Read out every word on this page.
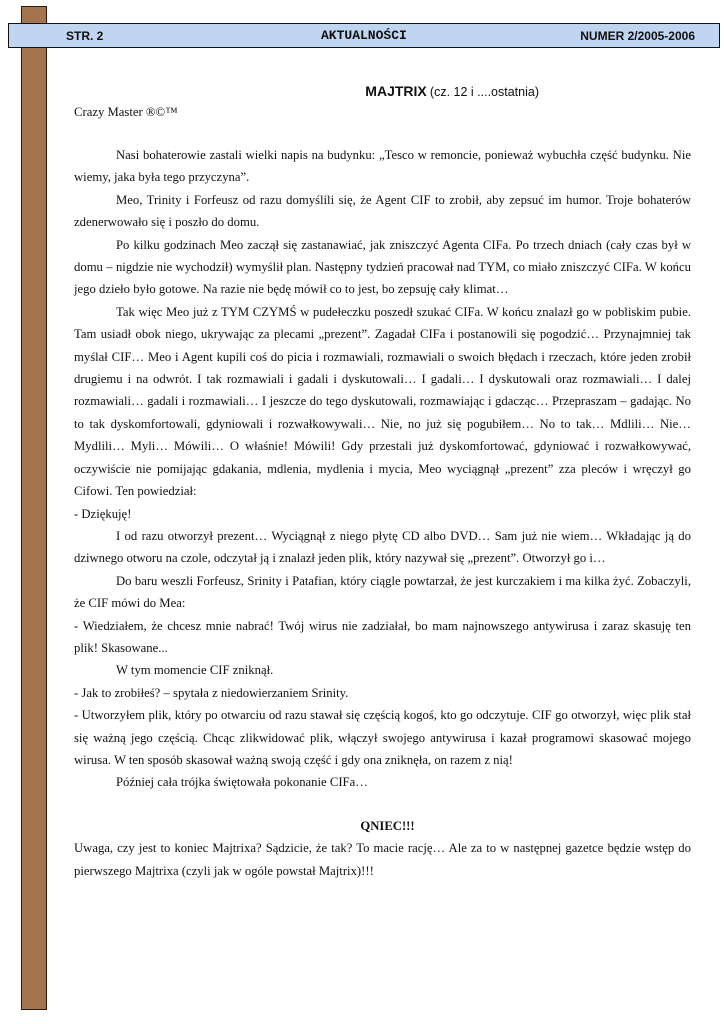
STR. 2	AKTUALNOŚCI	NUMER 2/2005-2006
MAJTRIX (cz. 12 i ....ostatnia)
Crazy Master ®©™

Nasi bohaterowie zastali wielki napis na budynku: „Tesco w remoncie, ponieważ wybuchła część budynku. Nie wiemy, jaka była tego przyczyna”.

Meo, Trinity i Forfeusz od razu domyślili się, że Agent CIF to zrobił, aby zepsuć im humor. Troje bohaterów zdenerwowało się i poszło do domu.

Po kilku godzinach Meo zaczął się zastanawiać, jak zniszczyć Agenta CIFa. Po trzech dniach (cały czas był w domu – nigdzie nie wychodził) wymyślił plan. Następny tydzień pracował nad TYM, co miało zniszczyć CIFa. W końcu jego dzieło było gotowe. Na razie nie będę mówił co to jest, bo zepsuję cały klimat…

Tak więc Meo już z TYM CZYMŚ w pudełeczku poszedł szukać CIFa. W końcu znalazł go w pobliskim pubie. Tam usiadł obok niego, ukrywając za plecami „prezent”. Zagadał CIFa i postanowili się pogodzić… Przynajmniej tak myślał CIF… Meo i Agent kupili coś do picia i rozmawiali, rozmawiali o swoich błędach i rzeczach, które jeden zrobił drugiemu i na odwrót. I tak rozmawiali i gadali i dyskutowali… I gadali… I dyskutowali oraz rozmawiali… I dalej rozmawiali… gadali i rozmawiali… I jeszcze do tego dyskutowali, rozmawiając i gdacząc… Przepraszam – gadając. No to tak dyskomfortowali, gdyniowali i rozwałkowywali… Nie, no już się pogubiłem… No to tak… Mdlili… Nie… Mydlili… Myli… Mówili… O właśnie! Mówili! Gdy przestali już dyskomfortować, gdyniować i rozwałkowywać, oczywiście nie pomijając gdakania, mdlenia, mydlenia i mycia, Meo wyciągnął „prezent” zza pleców i wręczył go Cifowi. Ten powiedział:

- Dziękuję!

I od razu otworzył prezent… Wyciągnął z niego płytę CD albo DVD… Sam już nie wiem… Wkładając ją do dziwnego otworu na czole, odczytał ją i znalazł jeden plik, który nazywał się „prezent”. Otworzył go i…

Do baru weszli Forfeusz, Srinity i Patafian, który ciągle powtarzał, że jest kurczakiem i ma kilka żyć. Zobaczyli, że CIF mówi do Mea:

- Wiedziałem, że chcesz mnie nabrać! Twój wirus nie zadziałał, bo mam najnowszego antywirusa i zaraz skasuję ten plik! Skasowane...

W tym momencie CIF zniknął.

- Jak to zrobiłeś? – spytała z niedowierzaniem Srinity.

- Utworzyłem plik, który po otwarciu od razu stawał się częścią kogoś, kto go odczytuje. CIF go otworzył, więc plik stał się ważną jego częścią. Chcąc zlikwidować plik, włączył swojego antywirusa i kazał programowi skasować mojego wirusa. W ten sposób skasował ważną swoją część i gdy ona zniknęła, on razem z nią!

Później cała trójka świętowała pokonanie CIFa…

QNIEC!!!

Uwaga, czy jest to koniec Majtrixa? Sądzicie, że tak? To macie rację… Ale za to w następnej gazetce będzie wstęp do pierwszego Majtrixa (czyli jak w ogóle powstał Majtrix)!!!
